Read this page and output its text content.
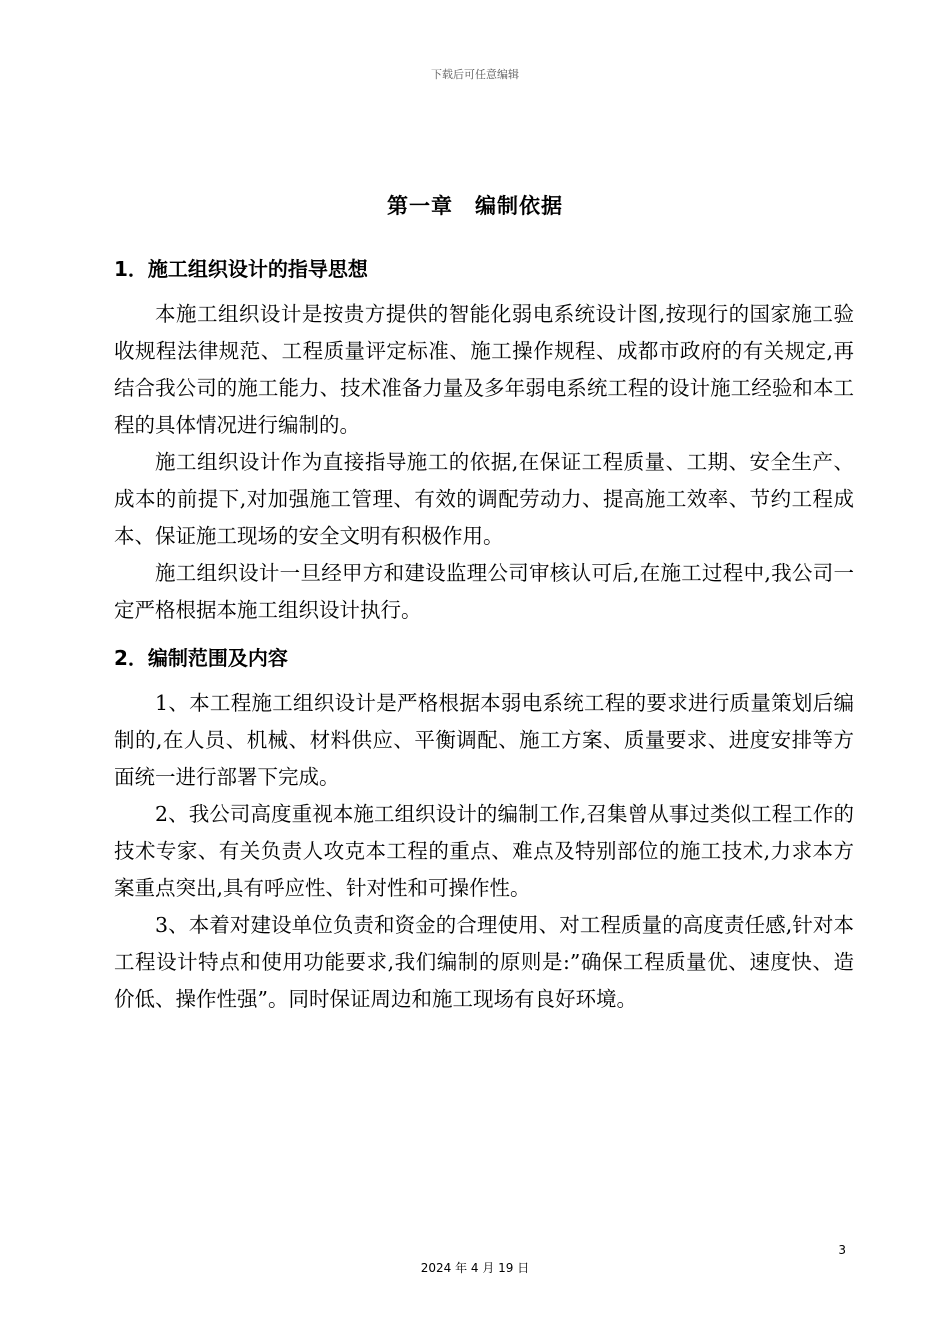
下载后可任意编辑
第一章　编制依据
1．施工组织设计的指导思想

本施工组织设计是按贵方提供的智能化弱电系统设计图,按现行的国家施工验收规程法律规范、工程质量评定标准、施工操作规程、成都市政府的有关规定,再结合我公司的施工能力、技术准备力量及多年弱电系统工程的设计施工经验和本工程的具体情况进行编制的。

施工组织设计作为直接指导施工的依据,在保证工程质量、工期、安全生产、成本的前提下,对加强施工管理、有效的调配劳动力、提高施工效率、节约工程成本、保证施工现场的安全文明有积极作用。

施工组织设计一旦经甲方和建设监理公司审核认可后,在施工过程中,我公司一定严格根据本施工组织设计执行。

2．编制范围及内容

1、本工程施工组织设计是严格根据本弱电系统工程的要求进行质量策划后编制的,在人员、机械、材料供应、平衡调配、施工方案、质量要求、进度安排等方面统一进行部署下完成。

2、我公司高度重视本施工组织设计的编制工作,召集曾从事过类似工程工作的技术专家、有关负责人攻克本工程的重点、难点及特别部位的施工技术,力求本方案重点突出,具有呼应性、针对性和可操作性。

3、本着对建设单位负责和资金的合理使用、对工程质量的高度责任感,针对本工程设计特点和使用功能要求,我们编制的原则是:”确保工程质量优、速度快、造价低、操作性强”。同时保证周边和施工现场有良好环境。

3
2024 年 4 月 19 日
